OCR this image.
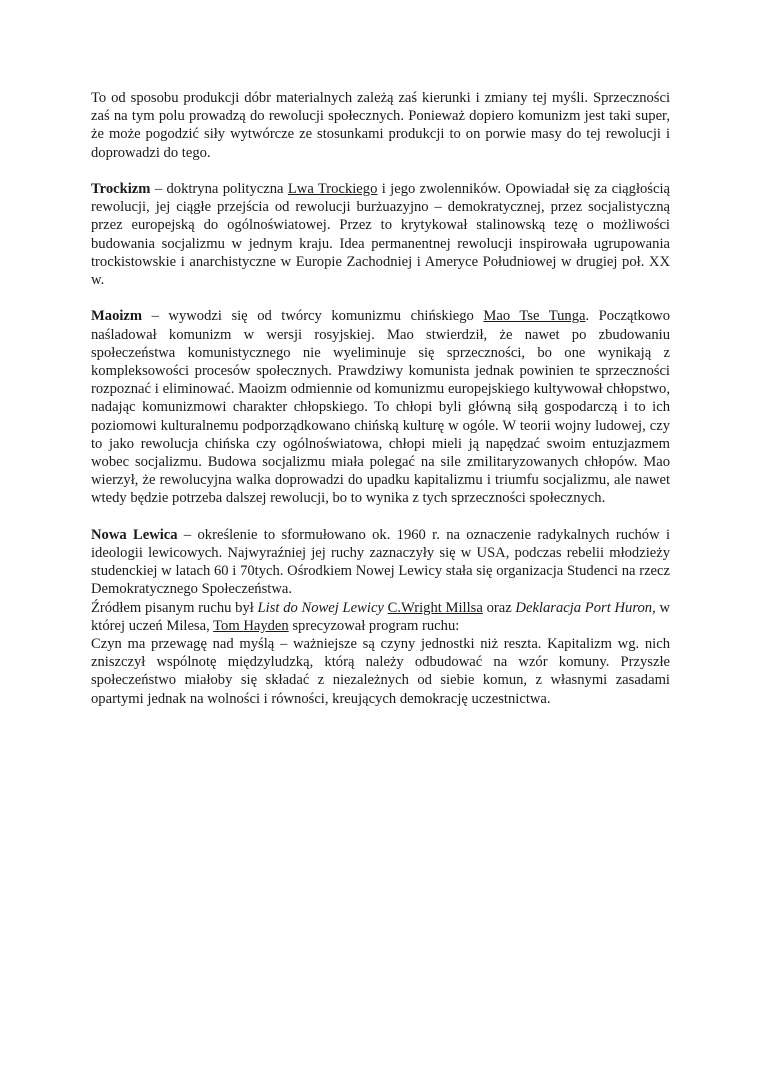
To od sposobu produkcji dóbr materialnych zależą zaś kierunki i zmiany tej myśli. Sprzeczności zaś na tym polu prowadzą do rewolucji społecznych. Ponieważ dopiero komunizm jest taki super, że może pogodzić siły wytwórcze ze stosunkami produkcji to on porwie masy do tej rewolucji i doprowadzi do tego.

Trockizm – doktryna polityczna Lwa Trockiego i jego zwolenników. Opowiadał się za ciągłością rewolucji, jej ciągłe przejścia od rewolucji burżuazyjno – demokratycznej, przez socjalistyczną przez europejską do ogólnoświatowej. Przez to krytykował stalinowską tezę o możliwości budowania socjalizmu w jednym kraju. Idea permanentnej rewolucji inspirowała ugrupowania trockistowskie i anarchistyczne w Europie Zachodniej i Ameryce Południowej w drugiej poł. XX w.

Maoizm – wywodzi się od twórcy komunizmu chińskiego Mao Tse Tunga. Początkowo naśladował komunizm w wersji rosyjskiej. Mao stwierdził, że nawet po zbudowaniu społeczeństwa komunistycznego nie wyeliminuje się sprzeczności, bo one wynikają z kompleksowości procesów społecznych. Prawdziwy komunista jednak powinien te sprzeczności rozpoznać i eliminować. Maoizm odmiennie od komunizmu europejskiego kultywował chłopstwo, nadając komunizmowi charakter chłopskiego. To chłopi byli główną siłą gospodarczą i to ich poziomowi kulturalnemu podporządkowano chińską kulturę w ogóle. W teorii wojny ludowej, czy to jako rewolucja chińska czy ogólnoświatowa, chłopi mieli ją napędzać swoim entuzjazmem wobec socjalizmu. Budowa socjalizmu miała polegać na sile zmilitaryzowanych chłopów. Mao wierzył, że rewolucyjna walka doprowadzi do upadku kapitalizmu i triumfu socjalizmu, ale nawet wtedy będzie potrzeba dalszej rewolucji, bo to wynika z tych sprzeczności społecznych.

Nowa Lewica – określenie to sformułowano ok. 1960 r. na oznaczenie radykalnych ruchów i ideologii lewicowych. Najwyraźniej jej ruchy zaznaczyły się w USA, podczas rebelii młodzieży studenckiej w latach 60 i 70tych. Ośrodkiem Nowej Lewicy stała się organizacja Studenci na rzecz Demokratycznego Społeczeństwa.

Źródłem pisanym ruchu był List do Nowej Lewicy C.Wright Millsa oraz Deklaracja Port Huron, w której uczeń Milesa, Tom Hayden sprecyzował program ruchu:

Czyn ma przewagę nad myślą – ważniejsze są czyny jednostki niż reszta. Kapitalizm wg. nich zniszczył wspólnotę międzyludzką, którą należy odbudować na wzór komuny. Przyszłe społeczeństwo miałoby się składać z niezależnych od siebie komun, z własnymi zasadami opartymi jednak na wolności i równości, kreujących demokrację uczestnictwa.
